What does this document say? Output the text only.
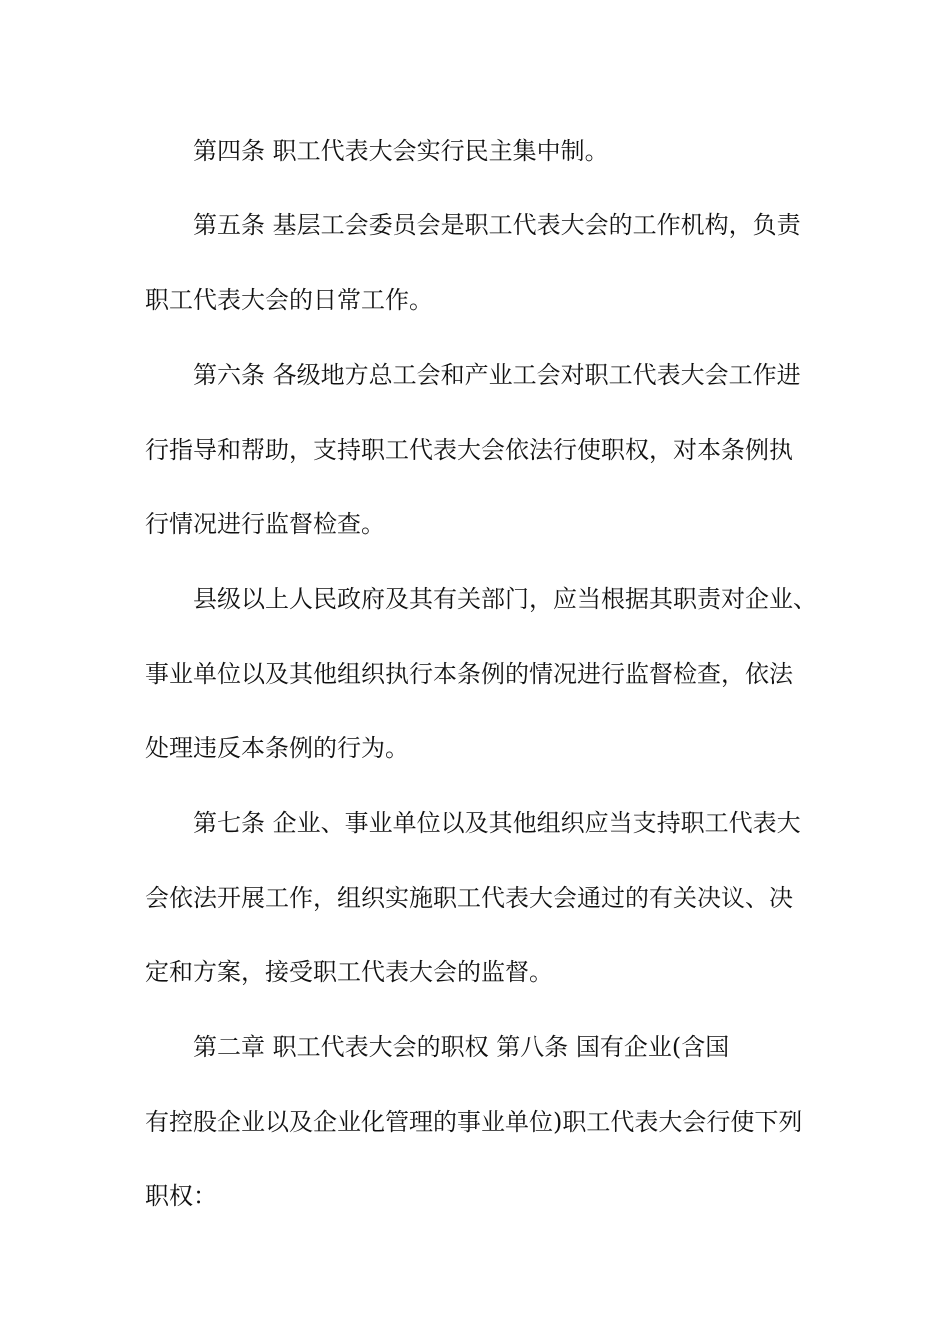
第四条 职工代表大会实行民主集中制。
第五条 基层工会委员会是职工代表大会的工作机构，负责
职工代表大会的日常工作。
第六条 各级地方总工会和产业工会对职工代表大会工作进
行指导和帮助，支持职工代表大会依法行使职权，对本条例执
行情况进行监督检查。
县级以上人民政府及其有关部门，应当根据其职责对企业、
事业单位以及其他组织执行本条例的情况进行监督检查，依法
处理违反本条例的行为。
第七条 企业、事业单位以及其他组织应当支持职工代表大
会依法开展工作，组织实施职工代表大会通过的有关决议、决
定和方案，接受职工代表大会的监督。
第二章 职工代表大会的职权 第八条 国有企业(含国
有控股企业以及企业化管理的事业单位)职工代表大会行使下列
职权：
